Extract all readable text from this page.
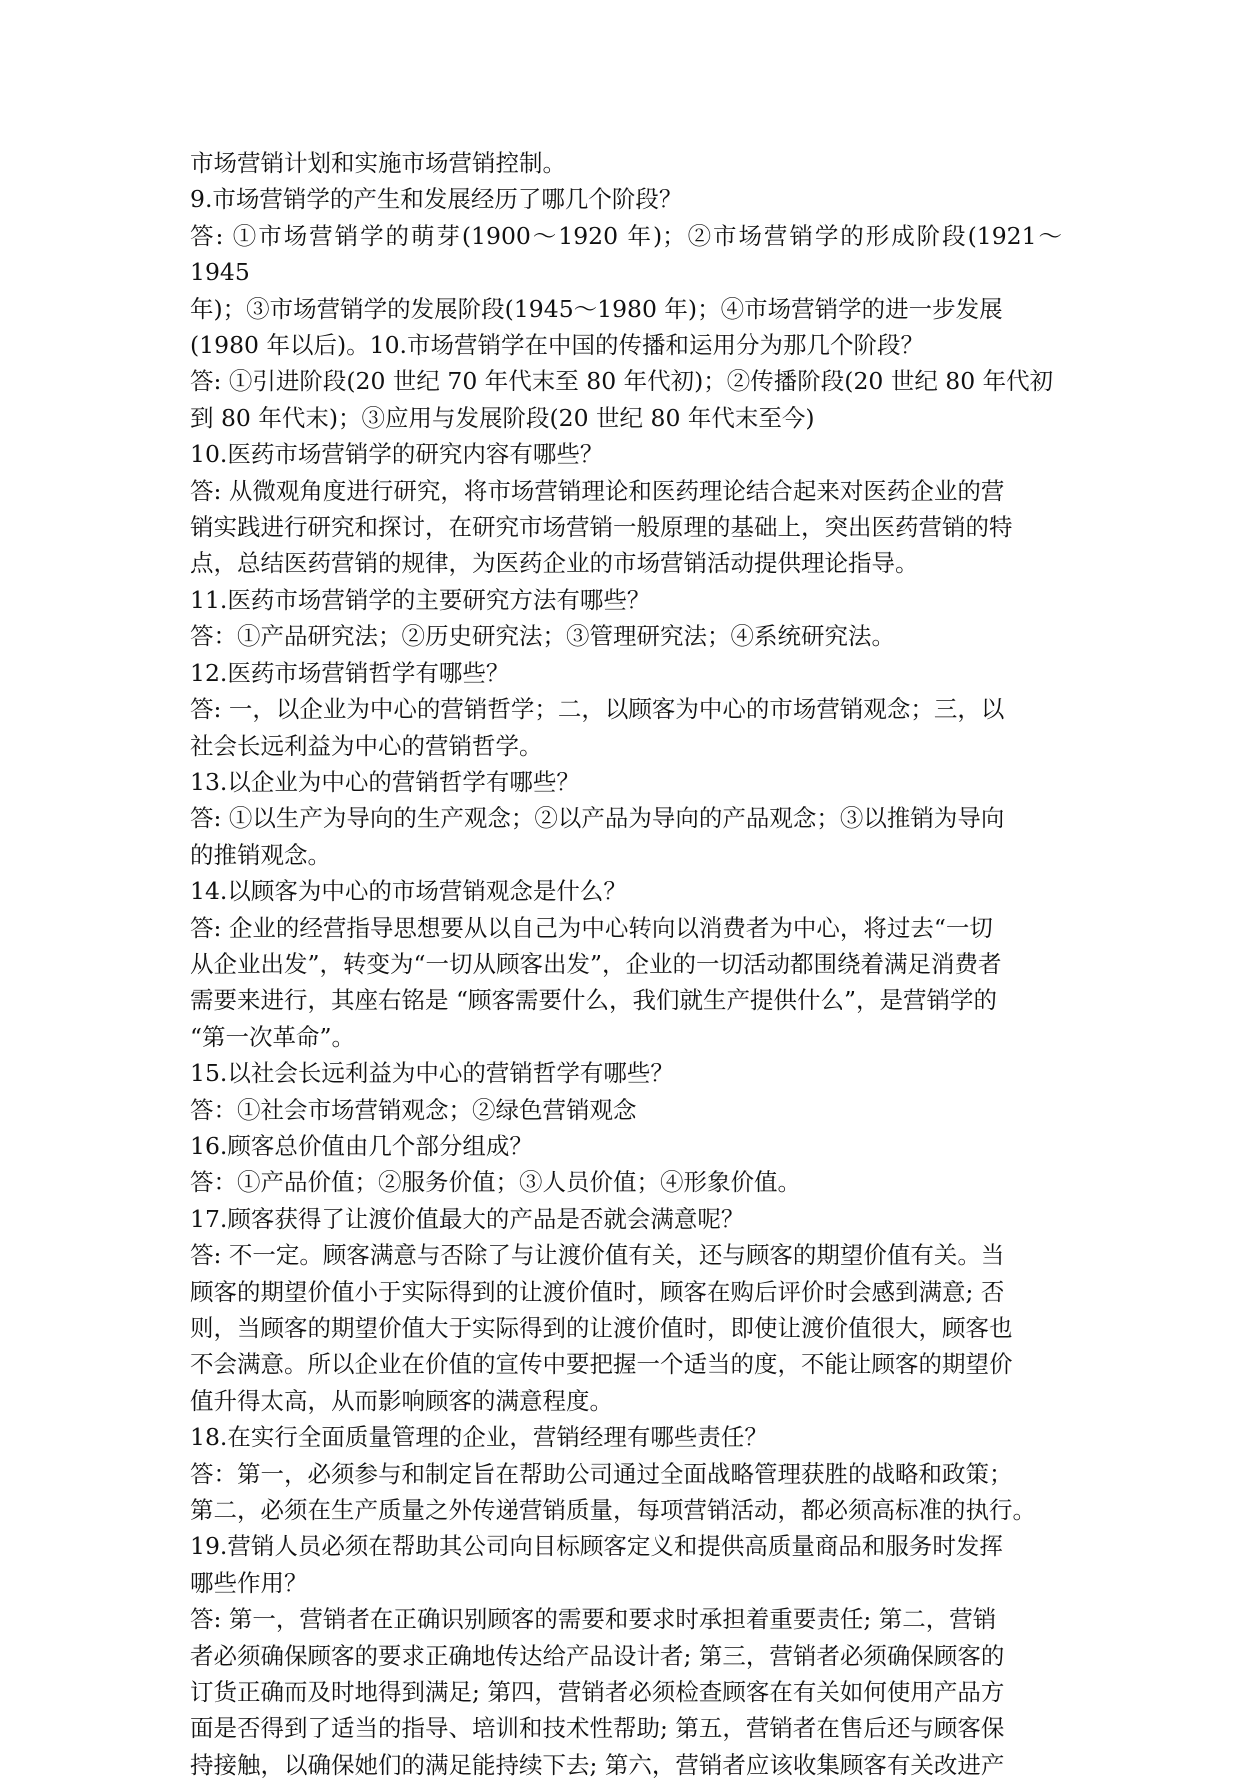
市场营销计划和实施市场营销控制。
9.市场营销学的产生和发展经历了哪几个阶段？
答: ①市场营销学的萌芽(1900～1920 年)；②市场营销学的形成阶段(1921～1945
年)；③市场营销学的发展阶段(1945～1980 年)；④市场营销学的进一步发展
(1980 年以后)。10.市场营销学在中国的传播和运用分为那几个阶段？
答: ①引进阶段(20 世纪 70 年代末至 80 年代初)；②传播阶段(20 世纪 80 年代初
到 80 年代末)；③应用与发展阶段(20 世纪 80 年代末至今)
10.医药市场营销学的研究内容有哪些？
答: 从微观角度进行研究，将市场营销理论和医药理论结合起来对医药企业的营
销实践进行研究和探讨，在研究市场营销一般原理的基础上，突出医药营销的特
点，总结医药营销的规律，为医药企业的市场营销活动提供理论指导。
11.医药市场营销学的主要研究方法有哪些？
答：①产品研究法；②历史研究法；③管理研究法；④系统研究法。
12.医药市场营销哲学有哪些？
答: 一，以企业为中心的营销哲学；二，以顾客为中心的市场营销观念；三，以
社会长远利益为中心的营销哲学。
13.以企业为中心的营销哲学有哪些？
答: ①以生产为导向的生产观念；②以产品为导向的产品观念；③以推销为导向
的推销观念。
14.以顾客为中心的市场营销观念是什么？
答: 企业的经营指导思想要从以自己为中心转向以消费者为中心，将过去“一切
从企业出发”，转变为“一切从顾客出发”，企业的一切活动都围绕着满足消费者
需要来进行，其座右铭是 “顾客需要什么，我们就生产提供什么”，是营销学的
“第一次革命”。
15.以社会长远利益为中心的营销哲学有哪些？
答：①社会市场营销观念；②绿色营销观念
16.顾客总价值由几个部分组成？
答：①产品价值；②服务价值；③人员价值；④形象价值。
17.顾客获得了让渡价值最大的产品是否就会满意呢？
答: 不一定。顾客满意与否除了与让渡价值有关，还与顾客的期望价值有关。当
顾客的期望价值小于实际得到的让渡价值时，顾客在购后评价时会感到满意; 否
则，当顾客的期望价值大于实际得到的让渡价值时，即使让渡价值很大，顾客也
不会满意。所以企业在价值的宣传中要把握一个适当的度，不能让顾客的期望价
值升得太高，从而影响顾客的满意程度。
18.在实行全面质量管理的企业，营销经理有哪些责任？
答：第一，必须参与和制定旨在帮助公司通过全面战略管理获胜的战略和政策；
第二，必须在生产质量之外传递营销质量，每项营销活动，都必须高标准的执行。
19.营销人员必须在帮助其公司向目标顾客定义和提供高质量商品和服务时发挥
哪些作用？
答: 第一，营销者在正确识别顾客的需要和要求时承担着重要责任; 第二，营销
者必须确保顾客的要求正确地传达给产品设计者; 第三，营销者必须确保顾客的
订货正确而及时地得到满足; 第四，营销者必须检查顾客在有关如何使用产品方
面是否得到了适当的指导、培训和技术性帮助; 第五，营销者在售后还与顾客保
持接触，以确保她们的满足能持续下去; 第六，营销者应该收集顾客有关改进产
